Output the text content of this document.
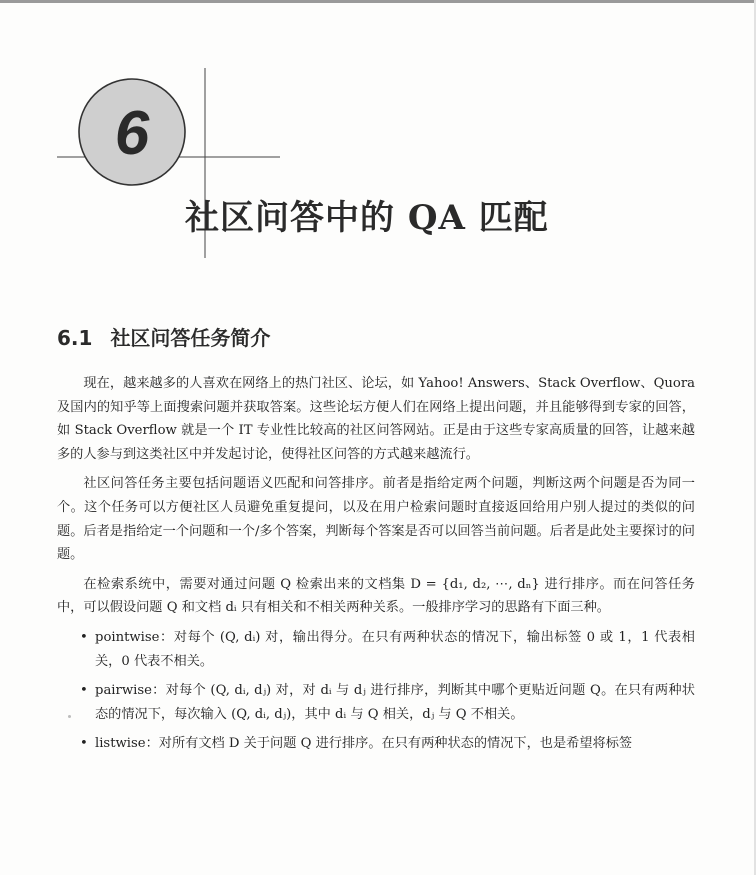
6
社区问答中的 QA 匹配
6.1 社区问答任务简介

现在，越来越多的人喜欢在网络上的热门社区、论坛，如 Yahoo! Answers、Stack Overflow、Quora 及国内的知乎等上面搜索问题并获取答案。这些论坛方便人们在网络上提出问题，并且能够得到专家的回答，如 Stack Overflow 就是一个 IT 专业性比较高的社区问答网站。正是由于这些专家高质量的回答，让越来越多的人参与到这类社区中并发起讨论，使得社区问答的方式越来越流行。

社区问答任务主要包括问题语义匹配和问答排序。前者是指给定两个问题，判断这两个问题是否为同一个。这个任务可以方便社区人员避免重复提问，以及在用户检索问题时直接返回给用户别人提过的类似的问题。后者是指给定一个问题和一个/多个答案，判断每个答案是否可以回答当前问题。后者是此处主要探讨的问题。

在检索系统中，需要对通过问题 Q 检索出来的文档集 D = {d₁, d₂, ⋯, dₙ} 进行排序。而在问答任务中，可以假设问题 Q 和文档 dᵢ 只有相关和不相关两种关系。一般排序学习的思路有下面三种。

• pointwise：对每个 (Q, dᵢ) 对，输出得分。在只有两种状态的情况下，输出标签 0 或 1，1 代表相关，0 代表不相关。
• pairwise：对每个 (Q, dᵢ, dⱼ) 对，对 dᵢ 与 dⱼ 进行排序，判断其中哪个更贴近问题 Q。在只有两种状态的情况下，每次输入 (Q, dᵢ, dⱼ)，其中 dᵢ 与 Q 相关，dⱼ 与 Q 不相关。
• listwise：对所有文档 D 关于问题 Q 进行排序。在只有两种状态的情况下，也是希望将标签
